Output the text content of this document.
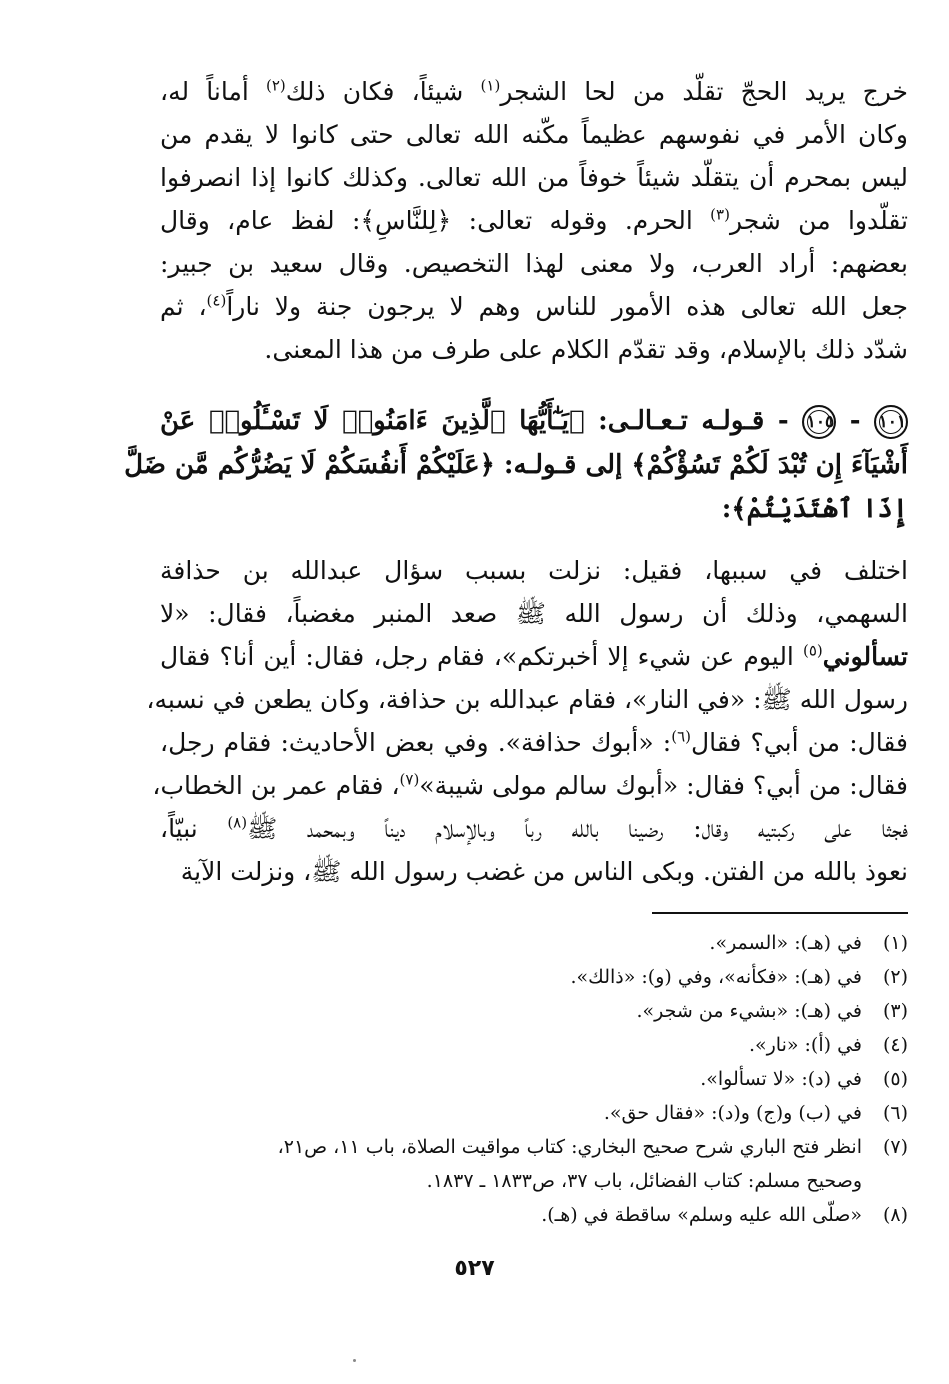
خرج يريد الحجّ تقلّد من لحا الشجر$^{(١)}$ شيئاً، فكان ذلك$^{(٢)}$ أماناً له،
وكان الأمر في نفوسهم عظيماً مكّنه الله تعالى حتى كانوا لا يقدم من
ليس بمحرم أن يتقلّد شيئاً خوفاً من الله تعالى. وكذلك كانوا إذا انصرفوا
تقلّدوا من شجر$^{(٣)}$ الحرم. وقوله تعالى: ﴿لِلنَّاسِ﴾: لفظ عام، وقال
بعضهم: أراد العرب، ولا معنى لهذا التخصيص. وقال سعيد بن جبير:
جعل الله تعالى هذه الأمور للناس وهم لا يرجون جنة ولا ناراً$^{(٤)}$، ثم
شدّد ذلك بالإسلام، وقد تقدّم الكلام على طرف من هذا المعنى.
١٠١ - ١٠٥ - قـولـه تـعـالـى: ﴿يَـٰٓأَيُّهَا ٱلَّذِينَ ءَامَنُوا۟ لَا تَسْـَٔلُوا۟ عَنْ
أَشْيَآءَ إِن تُبْدَ لَكُمْ تَسُؤْكُمْ﴾ إلى قـولـه: ﴿عَلَيْكُمْ أَنفُسَكُمْ لَا يَضُرُّكُم مَّن ضَلَّ
إِذَا ٱهْتَدَيْتُمْ﴾:
اختلف في سببها، فقيل: نزلت بسبب سؤال عبدالله بن حذافة
السهمي، وذلك أن رسول الله ﷺ صعد المنبر مغضباً، فقال: «لا
تسألوني$^{(٥)}$ اليوم عن شيء إلا أخبرتكم»، فقام رجل، فقال: أين أنا؟ فقال
رسول الله ﷺ: «في النار»، فقام عبدالله بن حذافة، وكان يطعن في نسبه،
فقال: من أبي؟ فقال$^{(٦)}$: «أبوك حذافة». وفي بعض الأحاديث: فقام رجل،
فقال: من أبي؟ فقال: «أبوك سالم مولى شيبة»$^{(٧)}$، فقام عمر بن الخطاب،
فجثا على ركبتيه وقال: رضينا بالله رباً وبالإسلام ديناً وبمحمد ﷺ$^{(٨)}$ نبيّاً،
نعوذ بالله من الفتن. وبكى الناس من غضب رسول الله ﷺ، ونزلت الآية
(١)
في (هـ): «السمر».
(٢)
في (هـ): «فكأنه»، وفي (و): «ذالك».
(٣)
في (هـ): «بشيء من شجر».
(٤)
في (أ): «نار».
(٥)
في (د): «لا تسألوا».
(٦)
في (ب) و(ج) و(د): «فقال حق».
(٧)
انظر فتح الباري شرح صحيح البخاري: كتاب مواقيت الصلاة، باب ١١، ص٢١،
وصحيح مسلم: كتاب الفضائل، باب ٣٧، ص١٨٣٣ ـ ١٨٣٧.
(٨)
«صلّى الله عليه وسلم» ساقطة في (هـ).
٥٢٧
